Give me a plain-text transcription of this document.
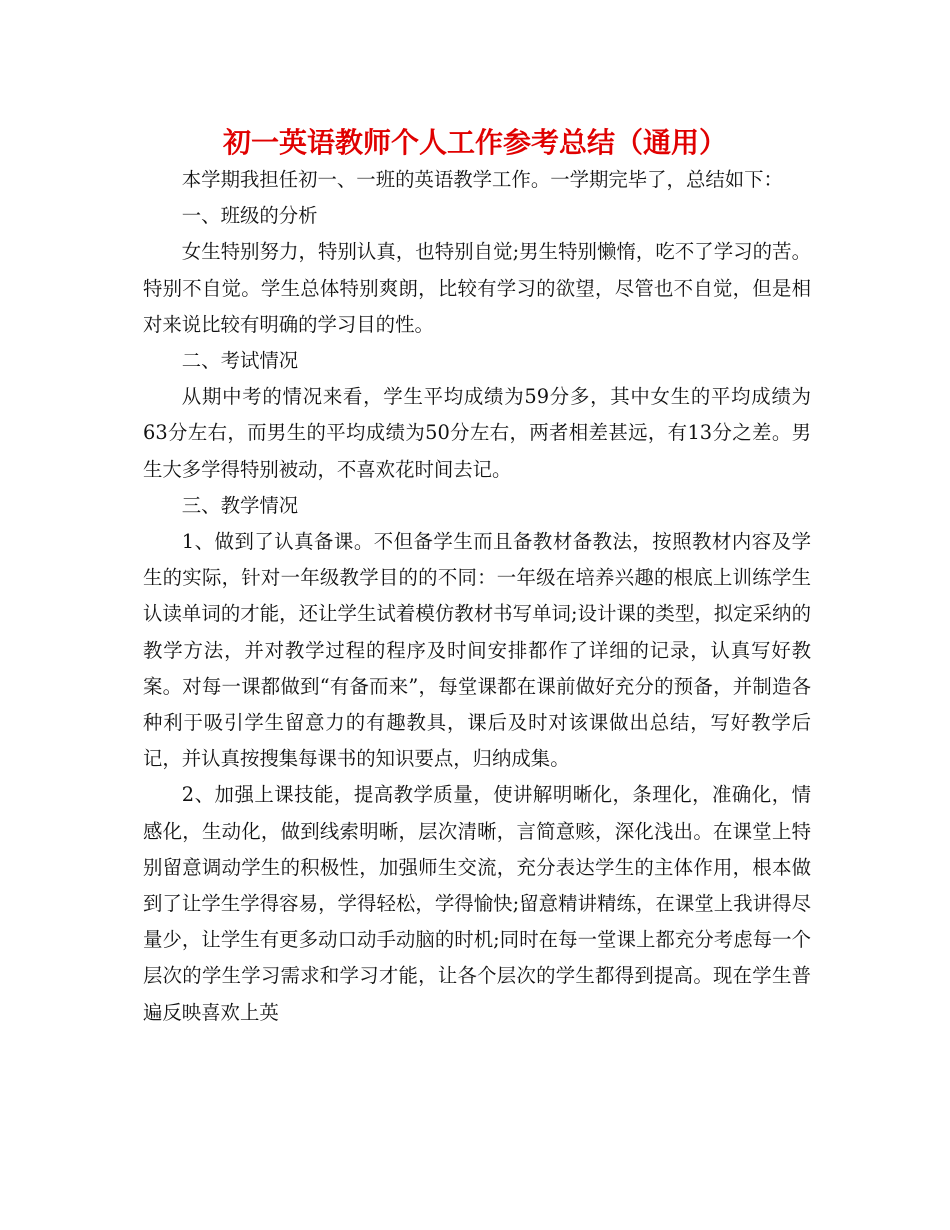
初一英语教师个人工作参考总结（通用）

本学期我担任初一、一班的英语教学工作。一学期完毕了，总结如下：

一、班级的分析

女生特别努力，特别认真，也特别自觉;男生特别懒惰，吃不了学习的苦。特别不自觉。学生总体特别爽朗，比较有学习的欲望，尽管也不自觉，但是相对来说比较有明确的学习目的性。

二、考试情况

从期中考的情况来看，学生平均成绩为59分多，其中女生的平均成绩为63分左右，而男生的平均成绩为50分左右，两者相差甚远，有13分之差。男生大多学得特别被动，不喜欢花时间去记。

三、教学情况

1、做到了认真备课。不但备学生而且备教材备教法，按照教材内容及学生的实际，针对一年级教学目的的不同：一年级在培养兴趣的根底上训练学生认读单词的才能，还让学生试着模仿教材书写单词;设计课的类型，拟定采纳的教学方法，并对教学过程的程序及时间安排都作了详细的记录，认真写好教案。对每一课都做到“有备而来”，每堂课都在课前做好充分的预备，并制造各种利于吸引学生留意力的有趣教具，课后及时对该课做出总结，写好教学后记，并认真按搜集每课书的知识要点，归纳成集。

2、加强上课技能，提高教学质量，使讲解明晰化，条理化，准确化，情感化，生动化，做到线索明晰，层次清晰，言简意赅，深化浅出。在课堂上特别留意调动学生的积极性，加强师生交流，充分表达学生的主体作用，根本做到了让学生学得容易，学得轻松，学得愉快;留意精讲精练，在课堂上我讲得尽量少，让学生有更多动口动手动脑的时机;同时在每一堂课上都充分考虑每一个层次的学生学习需求和学习才能，让各个层次的学生都得到提高。现在学生普遍反映喜欢上英
